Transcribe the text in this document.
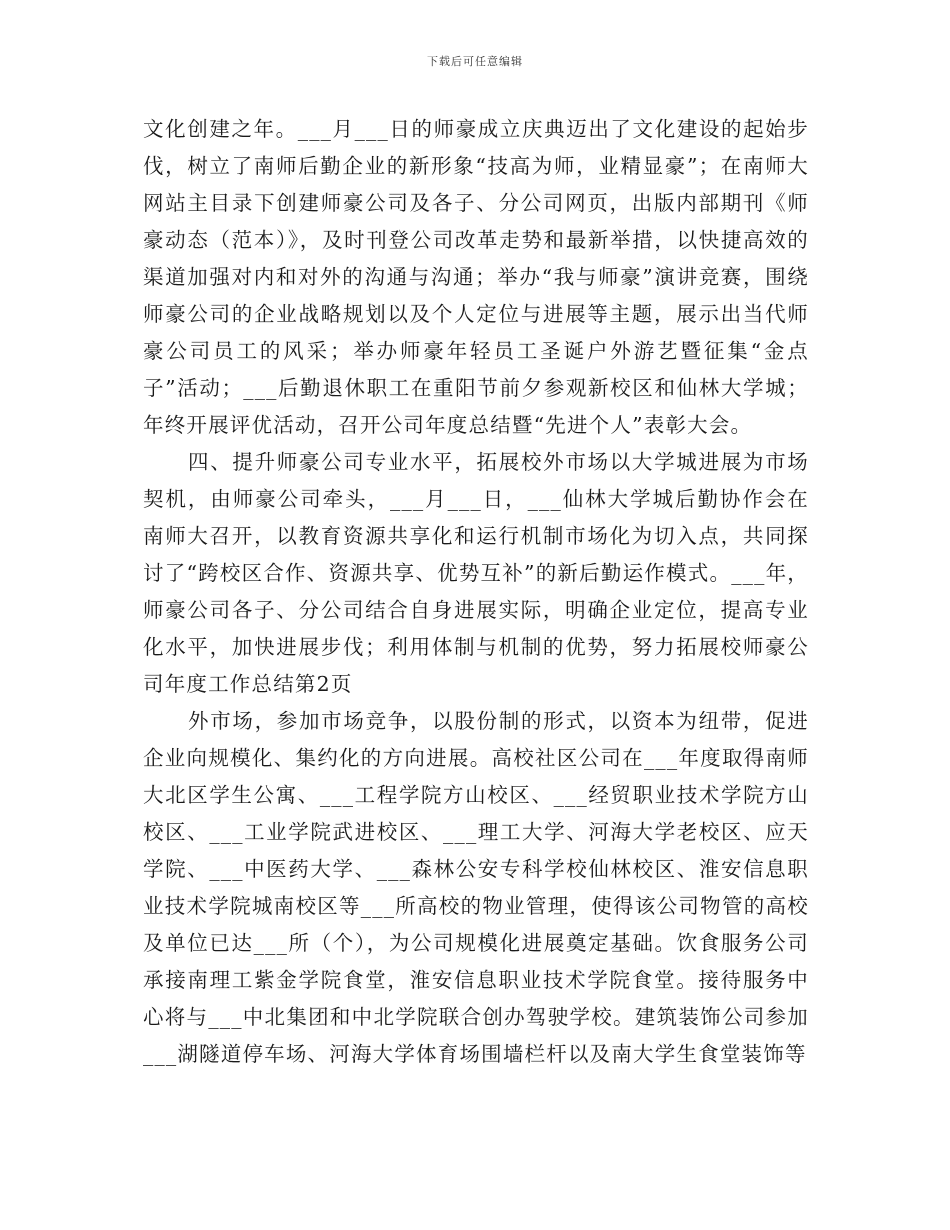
下载后可任意编辑

文化创建之年。___月___日的师豪成立庆典迈出了文化建设的起始步伐，树立了南师后勤企业的新形象“技高为师，业精显豪”；在南师大网站主目录下创建师豪公司及各子、分公司网页，出版内部期刊《师豪动态（范本）》，及时刊登公司改革走势和最新举措，以快捷高效的渠道加强对内和对外的沟通与沟通；举办“我与师豪”演讲竞赛，围绕师豪公司的企业战略规划以及个人定位与进展等主题，展示出当代师豪公司员工的风采；举办师豪年轻员工圣诞户外游艺暨征集“金点子”活动；___后勤退休职工在重阳节前夕参观新校区和仙林大学城；年终开展评优活动，召开公司年度总结暨“先进个人”表彰大会。

四、提升师豪公司专业水平，拓展校外市场以大学城进展为市场契机，由师豪公司牵头，___月___日，___仙林大学城后勤协作会在南师大召开，以教育资源共享化和运行机制市场化为切入点，共同探讨了“跨校区合作、资源共享、优势互补”的新后勤运作模式。___年，师豪公司各子、分公司结合自身进展实际，明确企业定位，提高专业化水平，加快进展步伐；利用体制与机制的优势，努力拓展校师豪公司年度工作总结第2页

外市场，参加市场竞争，以股份制的形式，以资本为纽带，促进企业向规模化、集约化的方向进展。高校社区公司在___年度取得南师大北区学生公寓、___工程学院方山校区、___经贸职业技术学院方山校区、___工业学院武进校区、___理工大学、河海大学老校区、应天学院、___中医药大学、___森林公安专科学校仙林校区、淮安信息职业技术学院城南校区等___所高校的物业管理，使得该公司物管的高校及单位已达___所（个），为公司规模化进展奠定基础。饮食服务公司承接南理工紫金学院食堂，淮安信息职业技术学院食堂。接待服务中心将与___中北集团和中北学院联合创办驾驶学校。建筑装饰公司参加___湖隧道停车场、河海大学体育场围墙栏杆以及南大学生食堂装饰等
